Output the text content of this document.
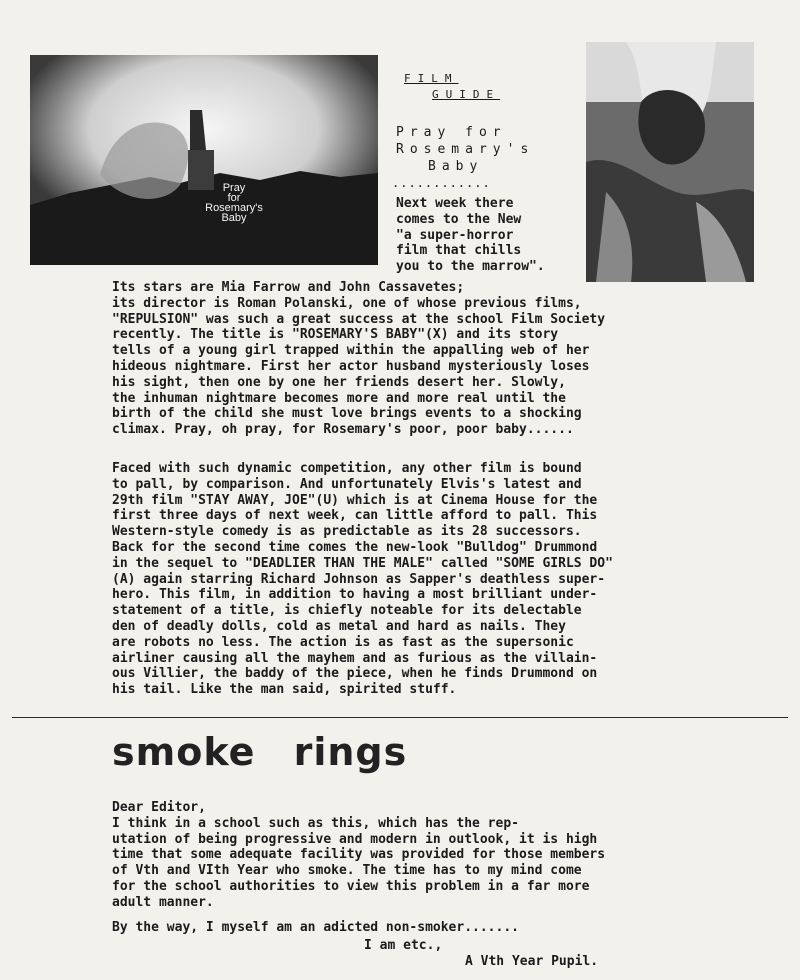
Pray
for
Rosemary's
Baby
FILM
GUIDE
Pray for
Rosemary's
Baby
............
Next week there
comes to the New
"a super-horror
film that chills
you to the marrow".
Its stars are Mia Farrow and John Cassavetes;
its director is Roman Polanski, one of whose previous films,
"REPULSION" was such a great success at the school Film Society
recently. The title is "ROSEMARY'S BABY"(X) and its story
tells of a young girl trapped within the appalling web of her
hideous nightmare. First her actor husband mysteriously loses
his sight, then one by one her friends desert her. Slowly,
the inhuman nightmare becomes more and more real until the
birth of the child she must love brings events to a shocking
climax. Pray, oh pray, for Rosemary's poor, poor baby......
Faced with such dynamic competition, any other film is bound
to pall, by comparison. And unfortunately Elvis's latest and
29th film "STAY AWAY, JOE"(U) which is at Cinema House for the
first three days of next week, can little afford to pall. This
Western-style comedy is as predictable as its 28 successors.
Back for the second time comes the new-look "Bulldog" Drummond
in the sequel to "DEADLIER THAN THE MALE" called "SOME GIRLS DO"
(A) again starring Richard Johnson as Sapper's deathless super-
hero. This film, in addition to having a most brilliant under-
statement of a title, is chiefly noteable for its delectable
den of deadly dolls, cold as metal and hard as nails. They
are robots no less. The action is as fast as the supersonic
airliner causing all the mayhem and as furious as the villain-
ous Villier, the baddy of the piece, when he finds Drummond on
his tail. Like the man said, spirited stuff.
smoke rings
Dear Editor,
I think in a school such as this, which has the rep-
utation of being progressive and modern in outlook, it is high
time that some adequate facility was provided for those members
of Vth and VIth Year who smoke. The time has to my mind come
for the school authorities to view this problem in a far more
adult manner.
By the way, I myself am an adicted non-smoker.......
I am etc.,
A Vth Year Pupil.
